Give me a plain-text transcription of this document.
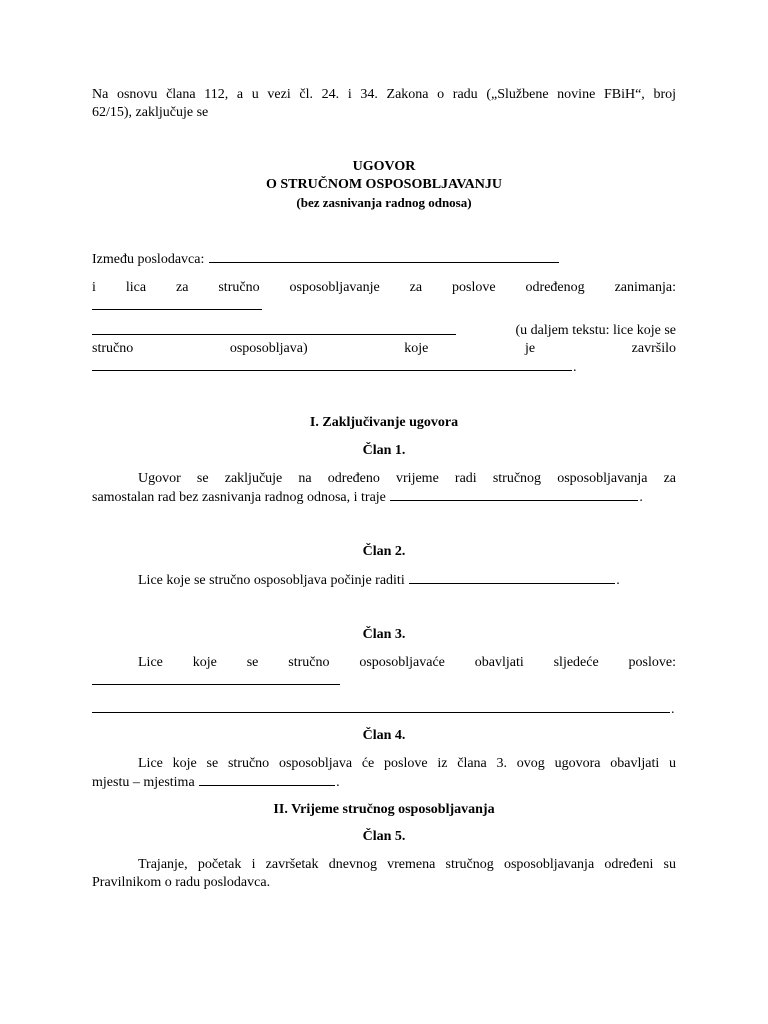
Na osnovu člana 112, a u vezi čl. 24. i 34. Zakona o radu („Službene novine FBiH“, broj
62/15), zaključuje se
UGOVOR
O STRUČNOM OSPOSOBLJAVANJU
(bez zasnivanja radnog odnosa)
Između poslodavca:
i lica za stručno osposobljavanje za poslove određenog zanimanja:
(u daljem tekstu: lice koje se
stručno osposobljava) koje je završilo
.
I. Zaključivanje ugovora
Član 1.
Ugovor se zaključuje na određeno vrijeme radi stručnog osposobljavanja za
samostalan rad bez zasnivanja radnog odnosa, i traje	.
Član 2.
Lice koje se stručno osposobljava počinje raditi	.
Član 3.
Lice koje se stručno osposobljavaće obavljati sljedeće poslove:
.
Član 4.
Lice koje se stručno osposobljava će poslove iz člana 3. ovog ugovora obavljati u
mjestu – mjestima	.
II. Vrijeme stručnog osposobljavanja
Član 5.
Trajanje, početak i završetak dnevnog vremena stručnog osposobljavanja određeni su
Pravilnikom o radu poslodavca.
